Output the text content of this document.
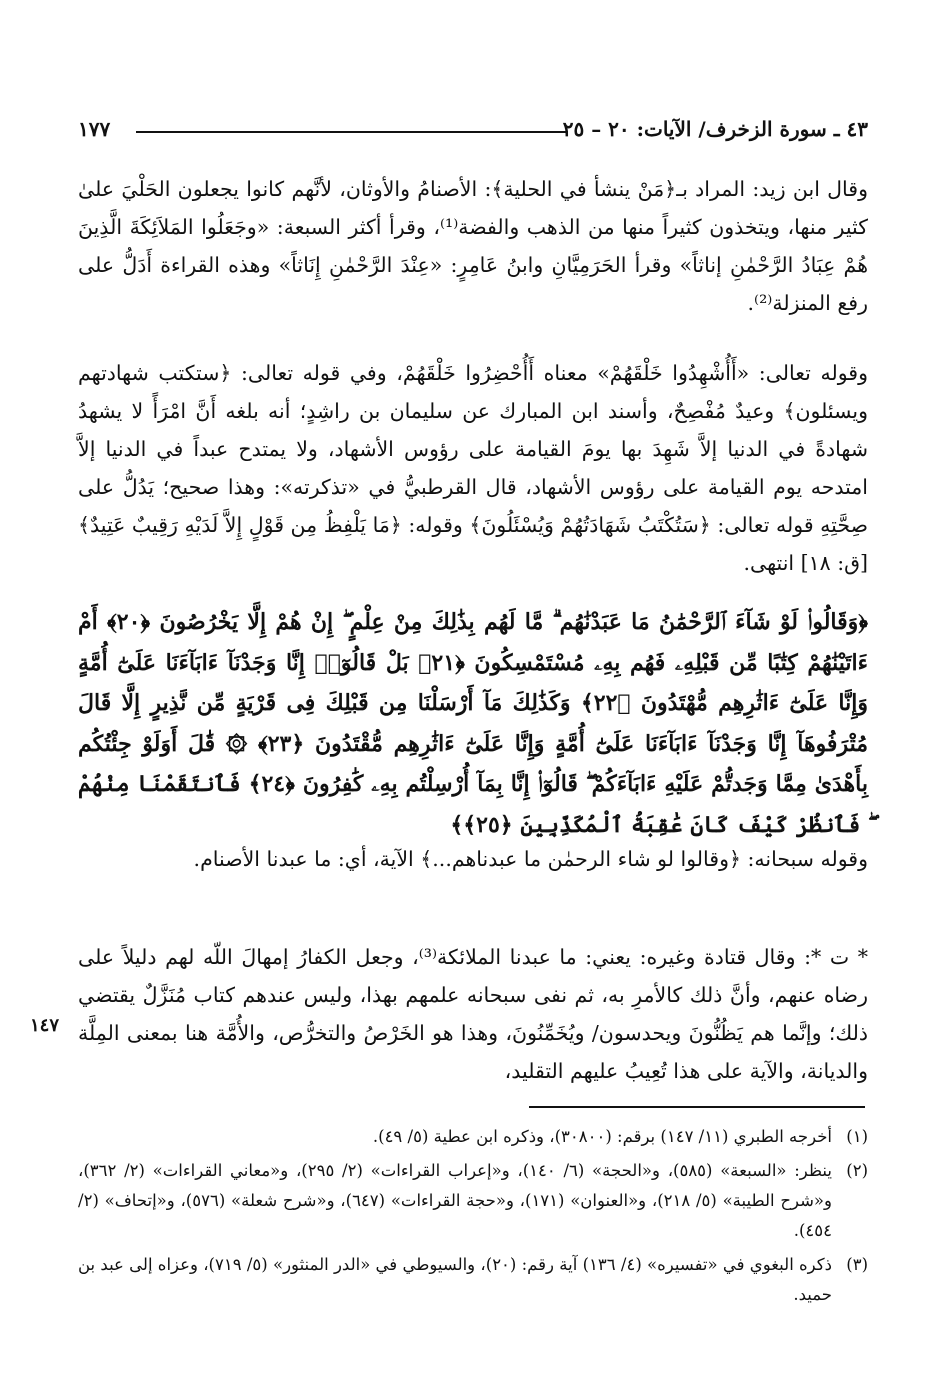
٤٣ ـ سورة الزخرف/ الآيات: ٢٠ – ٢٥
١٧٧
وقال ابن زيد: المراد بـ﴿مَنْ ينشأ في الحلية﴾: الأصنامُ والأوثان، لأنَّهم كانوا يجعلون الحَلْيَ علىٰ كثير منها، ويتخذون كثيراً منها من الذهب والفضة⁽¹⁾، وقرأ أكثر السبعة: «وجَعَلُوا المَلاَئِكَةَ الَّذِينَ هُمْ عِبَادُ الرَّحْمٰنِ إناثاً» وقرأ الحَرَمِيَّانِ وابنُ عَامِرٍ: «عِنْدَ الرَّحْمٰنِ إِنَاثاً» وهذه القراءة أَدَلُّ على رفع المنزلة⁽²⁾.
وقوله تعالى: «أَأُشْهِدُوا خَلْقَهُمْ» معناه أَأُحْضِرُوا خَلْقَهُمْ، وفي قوله تعالى: ﴿ستكتب شهادتهم ويسئلون﴾ وعيدٌ مُفْصِحٌ، وأسند ابن المبارك عن سليمان بن راشِدٍ؛ أنه بلغه أَنَّ امْرَأً لا يشهدُ شهادةً في الدنيا إلاَّ شَهِدَ بها يومَ القيامة على رؤوس الأشهاد، ولا يمتدح عبداً في الدنيا إلاَّ امتدحه يوم القيامة على رؤوس الأشهاد، قال القرطبيُّ في «تذكرته»: وهذا صحيح؛ يَدُلُّ على صِحَّتِهِ قوله تعالى: ﴿سَتُكْتَبُ شَهَادَتُهُمْ وَيُسْئَلُونَ﴾ وقوله: ﴿مَا يَلْفِظُ مِن قَوْلٍ إِلاَّ لَدَيْهِ رَقِيبٌ عَتِيدٌ﴾ [ق: ١٨] انتهى.
﴿وَقَالُوا۟ لَوْ شَآءَ ٱلرَّحْمَٰنُ مَا عَبَدْنَٰهُم ۗ مَّا لَهُم بِذَٰلِكَ مِنْ عِلْمٍ ۖ إِنْ هُمْ إِلَّا يَخْرُصُونَ ﴿٢٠﴾ أَمْ ءَاتَيْنَٰهُمْ كِتَٰبًا مِّن قَبْلِهِۦ فَهُم بِهِۦ مُسْتَمْسِكُونَ ﴿٢١﴾ بَلْ قَالُوٓا۟ إِنَّا وَجَدْنَآ ءَابَآءَنَا عَلَىٰٓ أُمَّةٍ وَإِنَّا عَلَىٰٓ ءَاثَٰرِهِم مُّهْتَدُونَ ﴿٢٢﴾ وَكَذَٰلِكَ مَآ أَرْسَلْنَا مِن قَبْلِكَ فِى قَرْيَةٍ مِّن نَّذِيرٍ إِلَّا قَالَ مُتْرَفُوهَآ إِنَّا وَجَدْنَآ ءَابَآءَنَا عَلَىٰٓ أُمَّةٍ وَإِنَّا عَلَىٰٓ ءَاثَٰرِهِم مُّقْتَدُونَ ﴿٢٣﴾ ۞ قَٰلَ أَوَلَوْ جِئْتُكُم بِأَهْدَىٰ مِمَّا وَجَدتُّمْ عَلَيْهِ ءَابَآءَكُمْ ۖ قَالُوٓا۟ إِنَّا بِمَآ أُرْسِلْتُم بِهِۦ كَٰفِرُونَ ﴿٢٤﴾ فَٱنتَقَمْنَا مِنْهُمْ ۖ فَٱنظُرْ كَيْفَ كَانَ عَٰقِبَةُ ٱلْمُكَذِّبِينَ ﴿٢٥﴾﴾
وقوله سبحانه: ﴿وقالوا لو شاء الرحمٰن ما عبدناهم...﴾ الآية، أي: ما عبدنا الأصنام.
* ت *: وقال قتادة وغيره: يعني: ما عبدنا الملائكة⁽³⁾، وجعل الكفارُ إمهالَ اللّه لهم دليلاً على رضاه عنهم، وأنَّ ذلك كالأمرِ به، ثم نفى سبحانه علمهم بهذا، وليس عندهم كتاب مُنَزَّلٌ يقتضي ذلك؛ وإنَّما هم يَظُنُّونَ ويحدسون/ ويُخَمِّنُونَ، وهذا هو الخَرْصُ والتخرُّص، والأُمَّة هنا بمعنى المِلَّة والديانة، والآية على هذا تُعِيبُ عليهم التقليد،
١٤٧
(١)
أخرجه الطبري (١١/ ١٤٧) برقم: (٣٠٨٠٠)، وذكره ابن عطية (٥/ ٤٩).
(٢)
ينظر: «السبعة» (٥٨٥)، و«الحجة» (٦/ ١٤٠)، و«إعراب القراءات» (٢/ ٢٩٥)، و«معاني القراءات» (٢/ ٣٦٢)، و«شرح الطيبة» (٥/ ٢١٨)، و«العنوان» (١٧١)، و«حجة القراءات» (٦٤٧)، و«شرح شعلة» (٥٧٦)، و«إتحاف» (٢/ ٤٥٤).
(٣)
ذكره البغوي في «تفسيره» (٤/ ١٣٦) آية رقم: (٢٠)، والسيوطي في «الدر المنثور» (٥/ ٧١٩)، وعزاه إلى عبد بن حميد.
